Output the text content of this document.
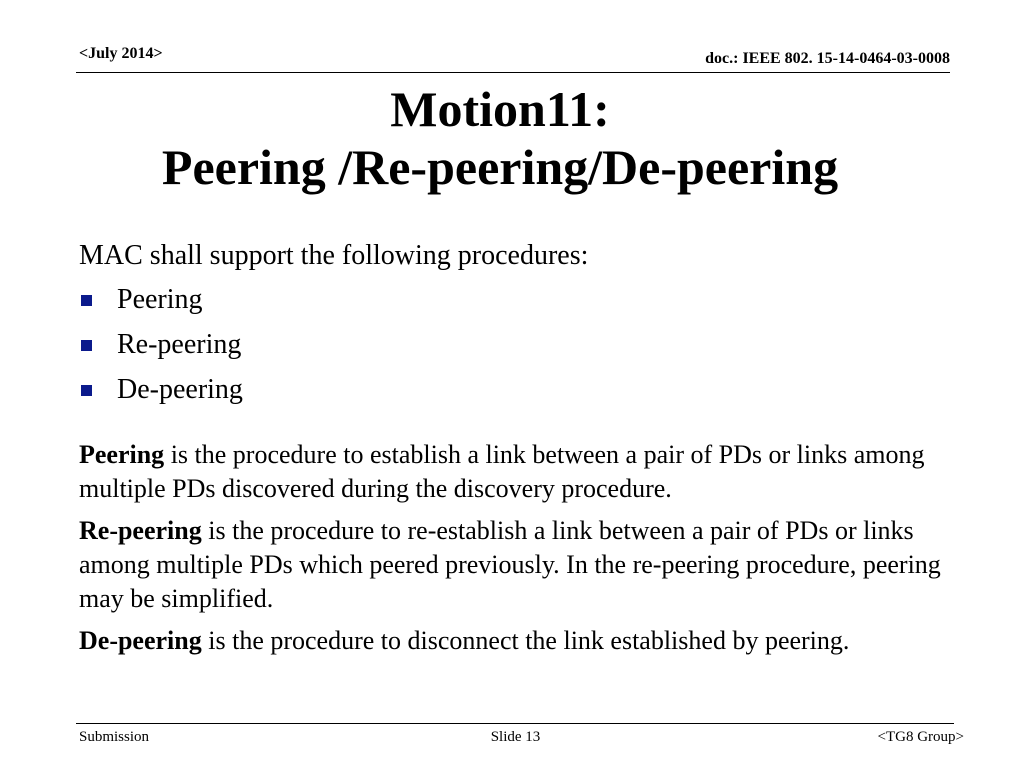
<July 2014>	doc.: IEEE 802. 15-14-0464-03-0008
Motion11:
Peering /Re-peering/De-peering

MAC shall support the following procedures:

Peering
Re-peering
De-peering

Peering is the procedure to establish a link between a pair of PDs or links among multiple PDs discovered during the discovery procedure.

Re-peering is the procedure to re-establish a link between a pair of PDs or links among multiple PDs which peered previously. In the re-peering procedure, peering may be simplified.

De-peering is the procedure to disconnect the link established by peering.

Submission	Slide 13	<TG8 Group>
